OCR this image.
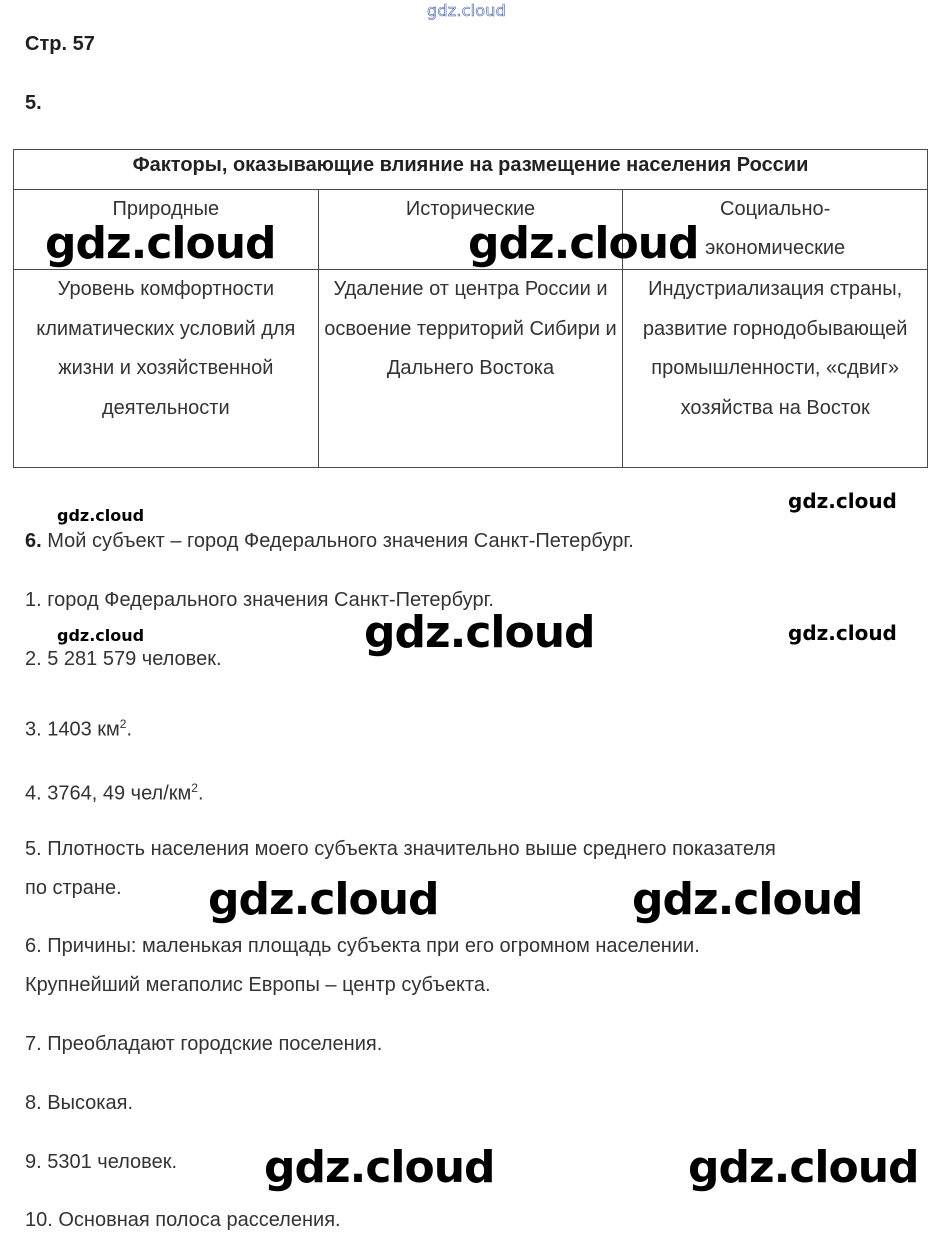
gdz.cloud
Стр. 57
5.
Факторы, оказывающие влияние на размещение населения России		
Природные	Исторические	Социально-
экономические
Уровень комфортности климатических условий для жизни и хозяйственной деятельности	Удаление от центра России и освоение территорий Сибири и Дальнего Востока	Индустриализация страны, развитие горнодобывающей промышленности, «сдвиг» хозяйства на Восток
6. Мой субъект – город Федерального значения Санкт-Петербург.
1. город Федерального значения Санкт-Петербург.
2. 5 281 579 человек.
3. 1403 $км^2$.
4. 3764, 49 чел/$км^2$.
5. Плотность населения моего субъекта значительно выше среднего показателя
по стране.
6. Причины: маленькая площадь субъекта при его огромном населении.
Крупнейший мегаполис Европы – центр субъекта.
7. Преобладают городские поселения.
8. Высокая.
9. 5301 человек.
10. Основная полоса расселения.
gdz.cloud	gdz.cloud
gdz.cloud
gdz.cloud	gdz.cloud
gdz.cloud	gdz.cloud
gdz.cloud
gdz.cloud
gdz.cloud
gdz.cloud
